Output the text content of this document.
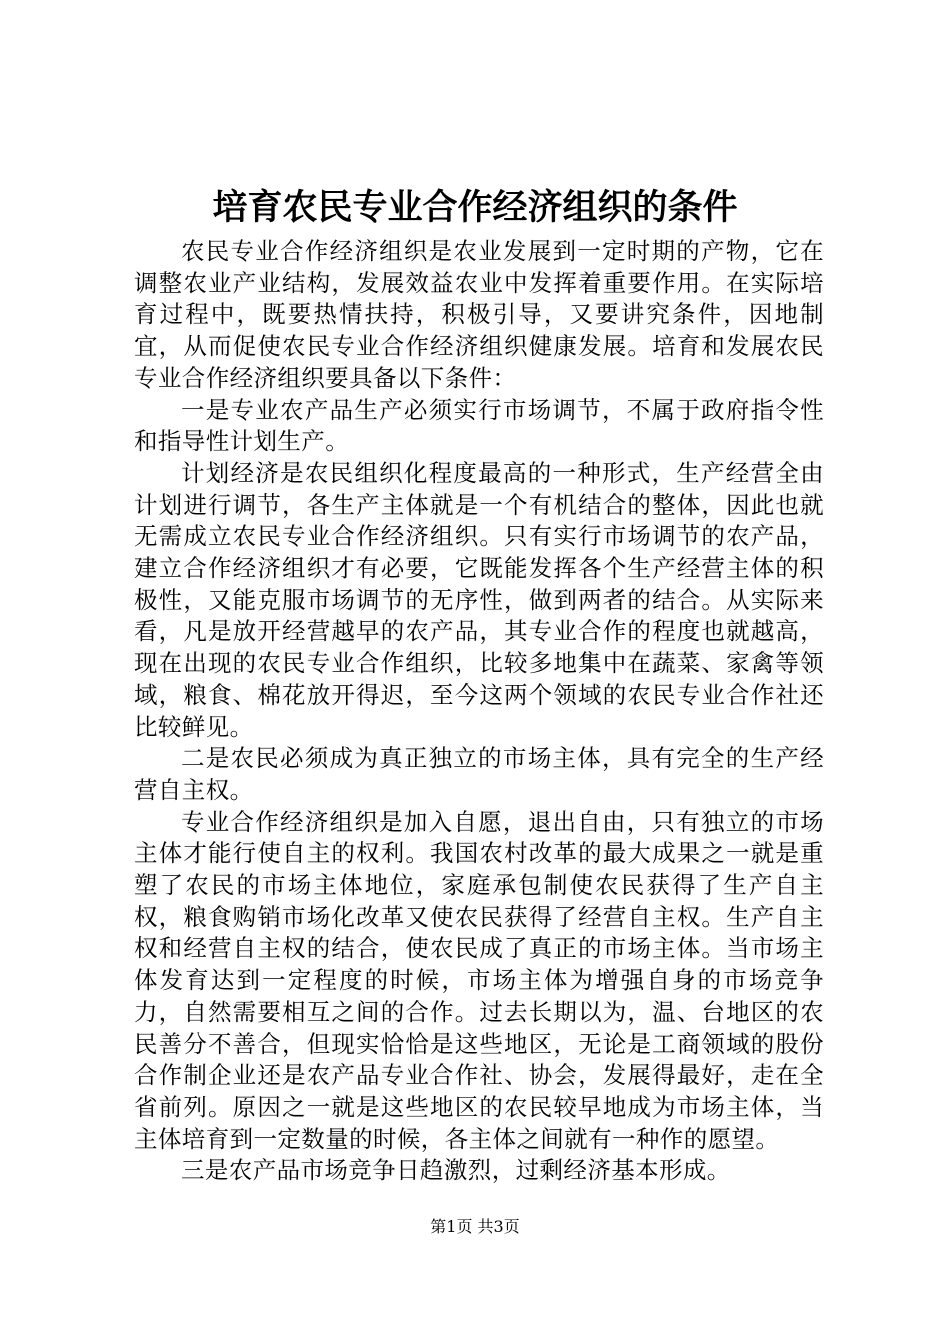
培育农民专业合作经济组织的条件

农民专业合作经济组织是农业发展到一定时期的产物，它在调整农业产业结构，发展效益农业中发挥着重要作用。在实际培育过程中，既要热情扶持，积极引导，又要讲究条件，因地制宜，从而促使农民专业合作经济组织健康发展。培育和发展农民专业合作经济组织要具备以下条件：

一是专业农产品生产必须实行市场调节，不属于政府指令性和指导性计划生产。

计划经济是农民组织化程度最高的一种形式，生产经营全由计划进行调节，各生产主体就是一个有机结合的整体，因此也就无需成立农民专业合作经济组织。只有实行市场调节的农产品，建立合作经济组织才有必要，它既能发挥各个生产经营主体的积极性，又能克服市场调节的无序性，做到两者的结合。从实际来看，凡是放开经营越早的农产品，其专业合作的程度也就越高，现在出现的农民专业合作组织，比较多地集中在蔬菜、家禽等领域，粮食、棉花放开得迟，至今这两个领域的农民专业合作社还比较鲜见。

二是农民必须成为真正独立的市场主体，具有完全的生产经营自主权。

专业合作经济组织是加入自愿，退出自由，只有独立的市场主体才能行使自主的权利。我国农村改革的最大成果之一就是重塑了农民的市场主体地位，家庭承包制使农民获得了生产自主权，粮食购销市场化改革又使农民获得了经营自主权。生产自主权和经营自主权的结合，使农民成了真正的市场主体。当市场主体发育达到一定程度的时候，市场主体为增强自身的市场竞争力，自然需要相互之间的合作。过去长期以为，温、台地区的农民善分不善合，但现实恰恰是这些地区，无论是工商领域的股份合作制企业还是农产品专业合作社、协会，发展得最好，走在全省前列。原因之一就是这些地区的农民较早地成为市场主体，当主体培育到一定数量的时候，各主体之间就有一种作的愿望。

三是农产品市场竞争日趋激烈，过剩经济基本形成。

第1页 共3页
